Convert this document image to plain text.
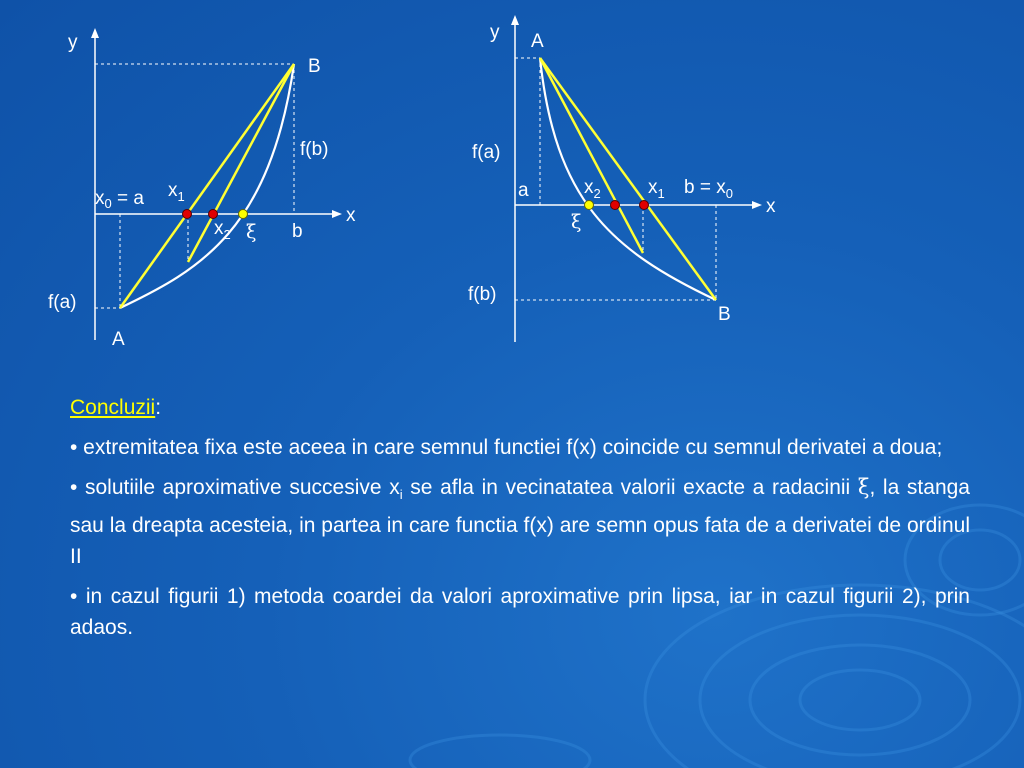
y
x
B
f(b)
f(a)
A
b
$x_0 = a$ $x_1$
$x_2$ ξ
y
x
A
f(a)
f(b)
B
a	$x_2$ $x_1$ $b = x_0$
ξ

Concluzii:

• extremitatea fixa este aceea in care semnul functiei f(x) coincide cu semnul derivatei a doua;

• solutiile aproximative succesive $x_i$ se afla in vecinatatea valorii exacte a radacinii ξ, la stanga sau la dreapta acesteia, in partea in care functia f(x) are semn opus fata de a derivatei de ordinul II

• in cazul figurii 1) metoda coardei da valori aproximative prin lipsa, iar in cazul figurii 2), prin adaos.
